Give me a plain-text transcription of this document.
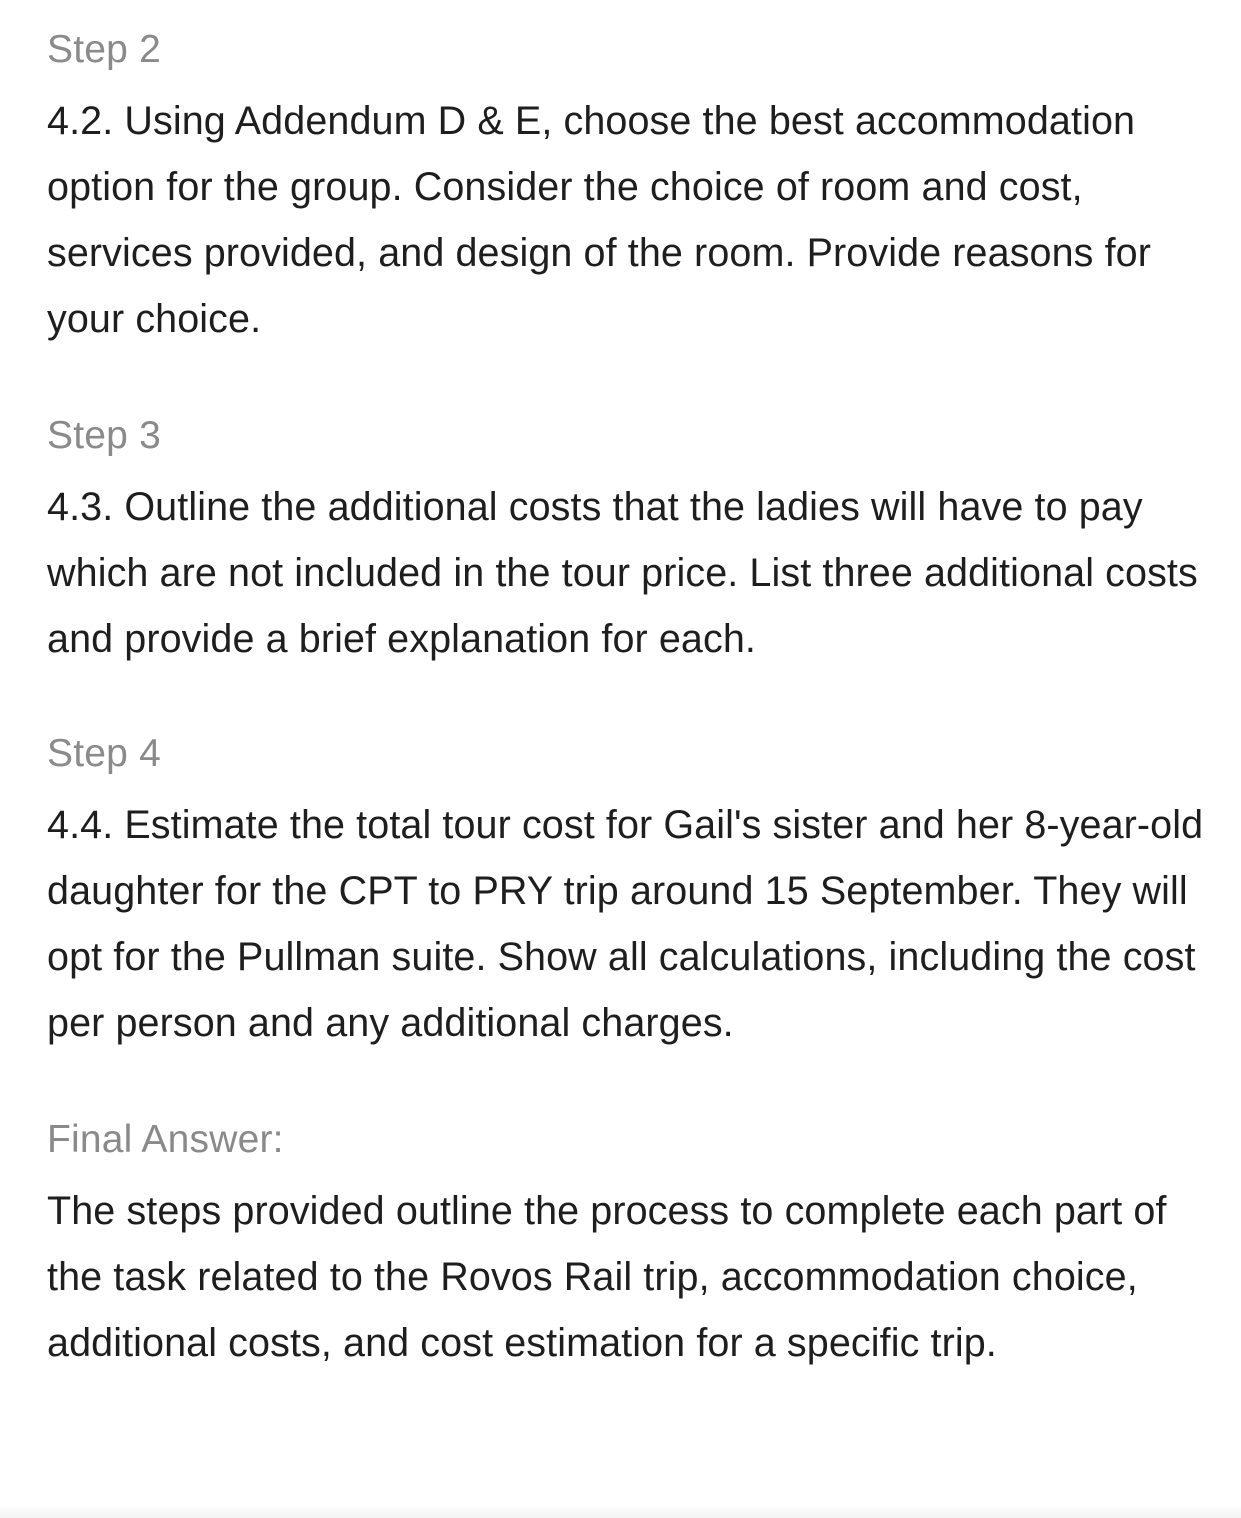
Step 2
4.2. Using Addendum D & E, choose the best accommodation option for the group. Consider the choice of room and cost, services provided, and design of the room. Provide reasons for your choice.
Step 3
4.3. Outline the additional costs that the ladies will have to pay which are not included in the tour price. List three additional costs and provide a brief explanation for each.
Step 4
4.4. Estimate the total tour cost for Gail's sister and her 8-year-old daughter for the CPT to PRY trip around 15 September. They will opt for the Pullman suite. Show all calculations, including the cost per person and any additional charges.
Final Answer:
The steps provided outline the process to complete each part of the task related to the Rovos Rail trip, accommodation choice, additional costs, and cost estimation for a specific trip.
